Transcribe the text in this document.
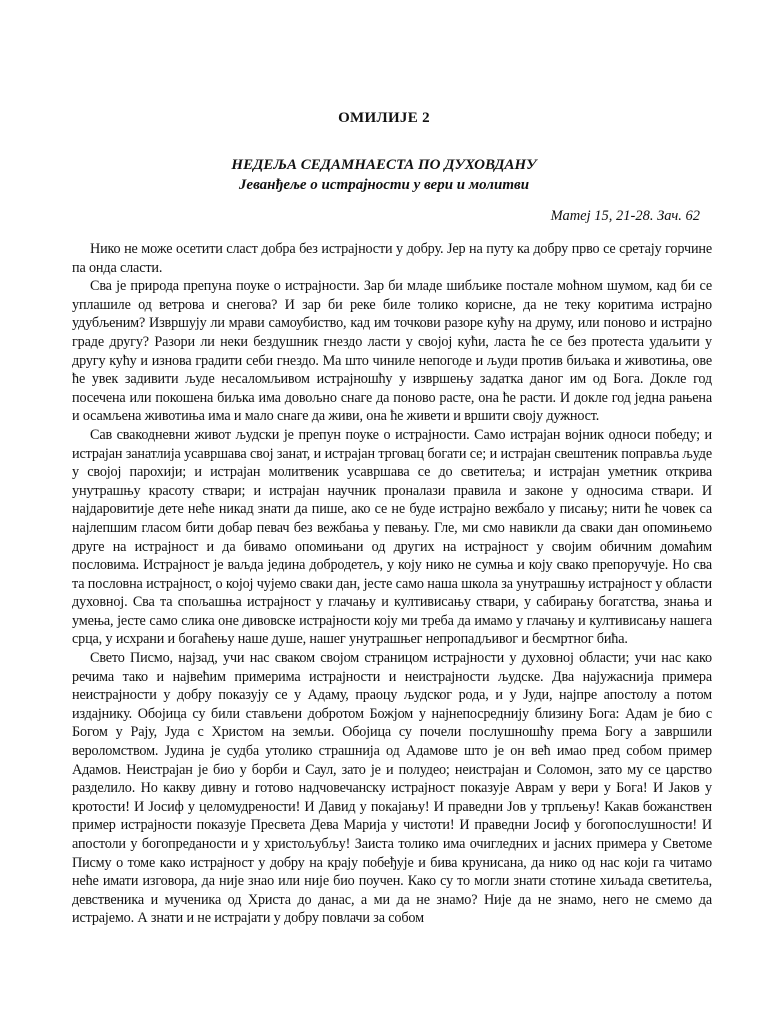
ОМИЛИЈЕ 2
НЕДЕЉА СЕДАМНАЕСТА ПО ДУХОВДАНУ
Јеванђеље о истрајности у вери и молитви
Матеј 15, 21-28. Зач. 62

Нико не може осетити сласт добра без истрајности у добру. Јер на путу ка добру прво се сретају горчине па онда сласти.

Сва је природа препуна поуке о истрајности. Зар би младе шибљике постале моћном шумом, кад би се уплашиле од ветрова и снегова? И зар би реке биле толико корисне, да не теку коритима истрајно удубљеним? Извршују ли мрави самоубиство, кад им точкови разоре кућу на друму, или поново и истрајно граде другу? Разори ли неки бездушник гнездо ласти у својој кући, ласта ће се без протеста удаљити у другу кућу и изнова градити себи гнездо. Ма што чиниле непогоде и људи против биљака и животиња, ове ће увек задивити људе несаломљивом истрајношћу у извршењу задатка даног им од Бога. Докле год посечена или покошена биљка има довољно снаге да поново расте, она ће расти. И докле год једна рањена и осамљена животиња има и мало снаге да живи, она ће живети и вршити своју дужност.

Сав свакодневни живот људски је препун поуке о истрајности. Само истрајан војник односи победу; и истрајан занатлија усавршава свој занат, и истрајан трговац богати се; и истрајан свештеник поправља људе у својој парохији; и истрајан молитвеник усавршава се до светитеља; и истрајан уметник открива унутрашњу красоту ствари; и истрајан научник проналази правила и законе у односима ствари. И најдаровитије дете неће никад знати да пише, ако се не буде истрајно вежбало у писању; нити ће човек са најлепшим гласом бити добар певач без вежбања у певању. Гле, ми смо навикли да сваки дан опомињемо друге на истрајност и да бивамо опомињани од других на истрајност у својим обичним домаћим пословима. Истрајност је ваљда једина добродетељ, у коју нико не сумња и коју свако препоручује. Но сва та пословна истрајност, о којој чујемо сваки дан, јесте само наша школа за унутрашњу истрајност у области духовној. Сва та спољашња истрајност у глачању и култивисању ствари, у сабирању богатства, знања и умења, јесте само слика оне дивовске истрајности коју ми треба да имамо у глачању и култивисању нашега срца, у исхрани и богаћењу наше душе, нашег унутрашњег непропадљивог и бесмртног бића.

Свето Писмо, најзад, учи нас сваком својом страницом истрајности у духовној области; учи нас како речима тако и највећим примерима истрајности и неистрајности људске. Два најужаснија примера неистрајности у добру показују се у Адаму, праоцу људског рода, и у Јуди, најпре апостолу а потом издајнику. Обојица су били стављени добротом Божјом у најнепосреднију близину Бога: Адам је био с Богом у Рају, Јуда с Христом на земљи. Обојица су почели послушношћу према Богу а завршили вероломством. Јудина је судба утолико страшнија од Адамове што је он већ имао пред собом пример Адамов. Неистрајан је био у борби и Саул, зато је и полудео; неистрајан и Соломон, зато му се царство разделило. Но какву дивну и готово надчовечанску истрајност показује Аврам у вери у Бога! И Јаков у кротости! И Јосиф у целомудрености! И Давид у покајању! И праведни Јов у трпљењу! Какав божанствен пример истрајности показује Пресвета Дева Марија у чистоти! И праведни Јосиф у богопослушности! И апостоли у богопреданости и у христољубљу! Заиста толико има очигледних и јасних примера у Светоме Писму о томе како истрајност у добру на крају побеђује и бива крунисана, да нико од нас који га читамо неће имати изговора, да није знао или није био поучен. Како су то могли знати стотине хиљада светитеља, девственика и мученика од Христа до данас, а ми да не знамо? Није да не знамо, него не смемо да истрајемо. А знати и не истрајати у добру повлачи за собом
